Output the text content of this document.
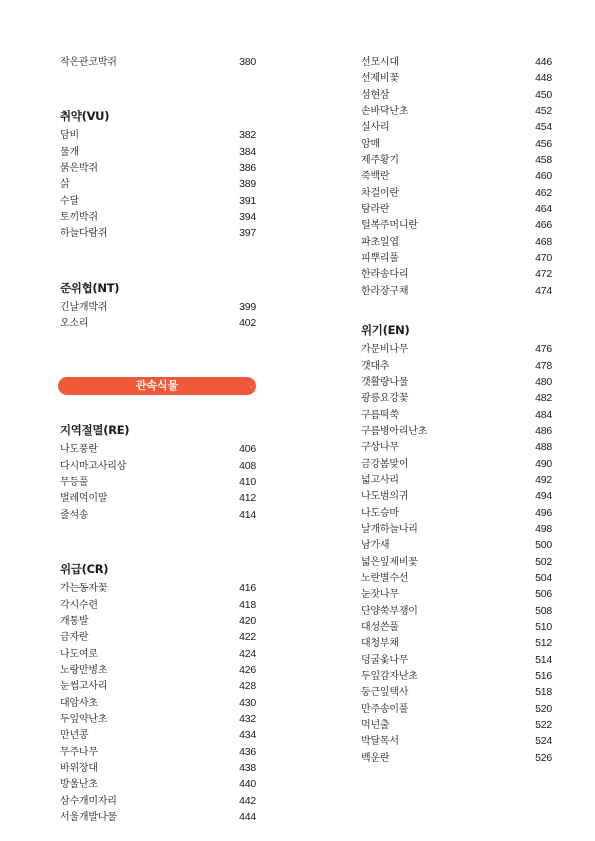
작은관코박쥐	380
취약(VU)
담비	382
물개	384
붉은박쥐	386
삵	389
수달	391
토끼박쥐	394
하늘다람쥐	397
준위협(NT)
긴날개박쥐	399
오소리	402
관속식물
지역절멸(RE)
나도풍란	406
다시마고사리삼	408
무등풀	410
벌레먹이말	412
줄석송	414
위급(CR)
가는동자꽃	416
각시수련	418
개통발	420
금자란	422
나도여로	424
노랑만병초	426
눈썹고사리	428
대암사초	430
두잎약난초	432
만년콩	434
무주나무	436
바위장대	438
방울난초	440
삼수개미자리	442
서울개발나물	444
선모시대	446
선제비꽃	448
섬현삼	450
손바닥난초	452
실사리	454
암매	456
제주황기	458
죽백란	460
차걸이란	462
탐라란	464
털복주머니란	466
파초일엽	468
피뿌리풀	470
한라송다리	472
한라장구채	474
위기(EN)
가문비나무	476
갯대추	478
갯활량나물	480
광릉요강꽃	482
구름떡쑥	484
구름병아리난초	486
구상나무	488
금강봄맞이	490
넓고사리	492
나도범의귀	494
나도승마	496
날개하늘나리	498
남가새	500
넓은잎제비꽃	502
노란별수선	504
눈잣나무	506
단양쑥부쟁이	508
대성쓴풀	510
대청부채	512
덩굴옻나무	514
두잎감자난초	516
둥근잎택사	518
만주송이풀	520
먹넌출	522
박달목서	524
백운란	526
